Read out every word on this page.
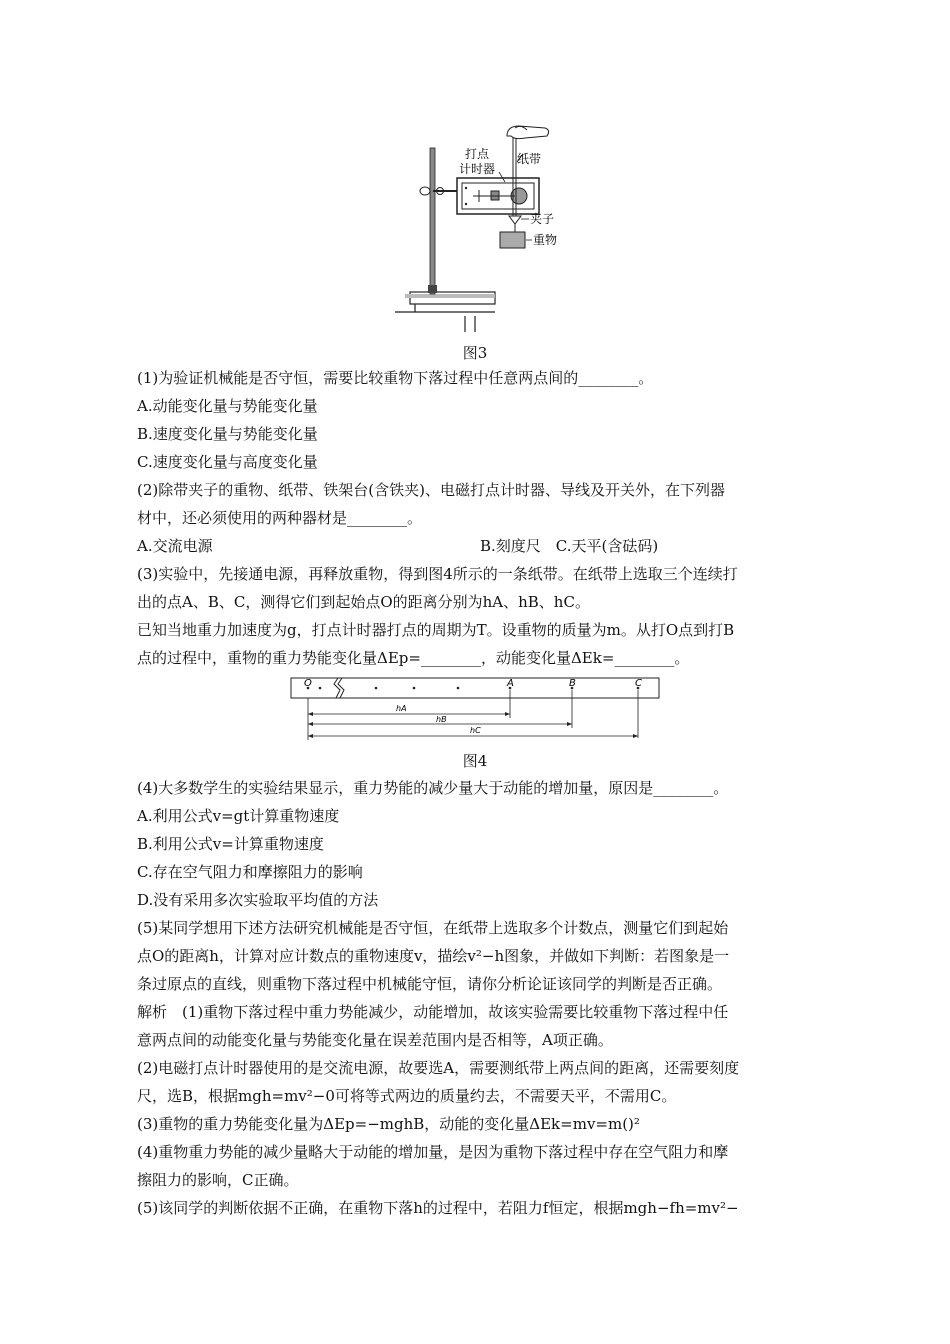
打点
计时器
纸带
夹子
重物
图3
(1)为验证机械能是否守恒，需要比较重物下落过程中任意两点间的________。
A.动能变化量与势能变化量
B.速度变化量与势能变化量
C.速度变化量与高度变化量
(2)除带夹子的重物、纸带、铁架台(含铁夹)、电磁打点计时器、导线及开关外，在下列器
材中，还必须使用的两种器材是________。
A.交流电源	B.刻度尺　C.天平(含砝码)
(3)实验中，先接通电源，再释放重物，得到图4所示的一条纸带。在纸带上选取三个连续打
出的点A、B、C，测得它们到起始点O的距离分别为hA、hB、hC。
已知当地重力加速度为g，打点计时器打点的周期为T。设重物的质量为m。从打O点到打B
点的过程中，重物的重力势能变化量ΔEp=________，动能变化量ΔEk=________。
O	A	B	C
hA
hB
hC
图4
(4)大多数学生的实验结果显示，重力势能的减少量大于动能的增加量，原因是________。
A.利用公式v=gt计算重物速度
B.利用公式v=计算重物速度
C.存在空气阻力和摩擦阻力的影响
D.没有采用多次实验取平均值的方法
(5)某同学想用下述方法研究机械能是否守恒，在纸带上选取多个计数点，测量它们到起始
点O的距离h，计算对应计数点的重物速度v，描绘v²−h图象，并做如下判断：若图象是一
条过原点的直线，则重物下落过程中机械能守恒，请你分析论证该同学的判断是否正确。
解析　(1)重物下落过程中重力势能减少，动能增加，故该实验需要比较重物下落过程中任
意两点间的动能变化量与势能变化量在误差范围内是否相等，A项正确。
(2)电磁打点计时器使用的是交流电源，故要选A，需要测纸带上两点间的距离，还需要刻度
尺，选B，根据mgh=mv²−0可将等式两边的质量约去，不需要天平，不需用C。
(3)重物的重力势能变化量为ΔEp=−mghB，动能的变化量ΔEk=mv=m()²
(4)重物重力势能的减少量略大于动能的增加量，是因为重物下落过程中存在空气阻力和摩
擦阻力的影响，C正确。
(5)该同学的判断依据不正确，在重物下落h的过程中，若阻力f恒定，根据mgh−fh=mv²−
